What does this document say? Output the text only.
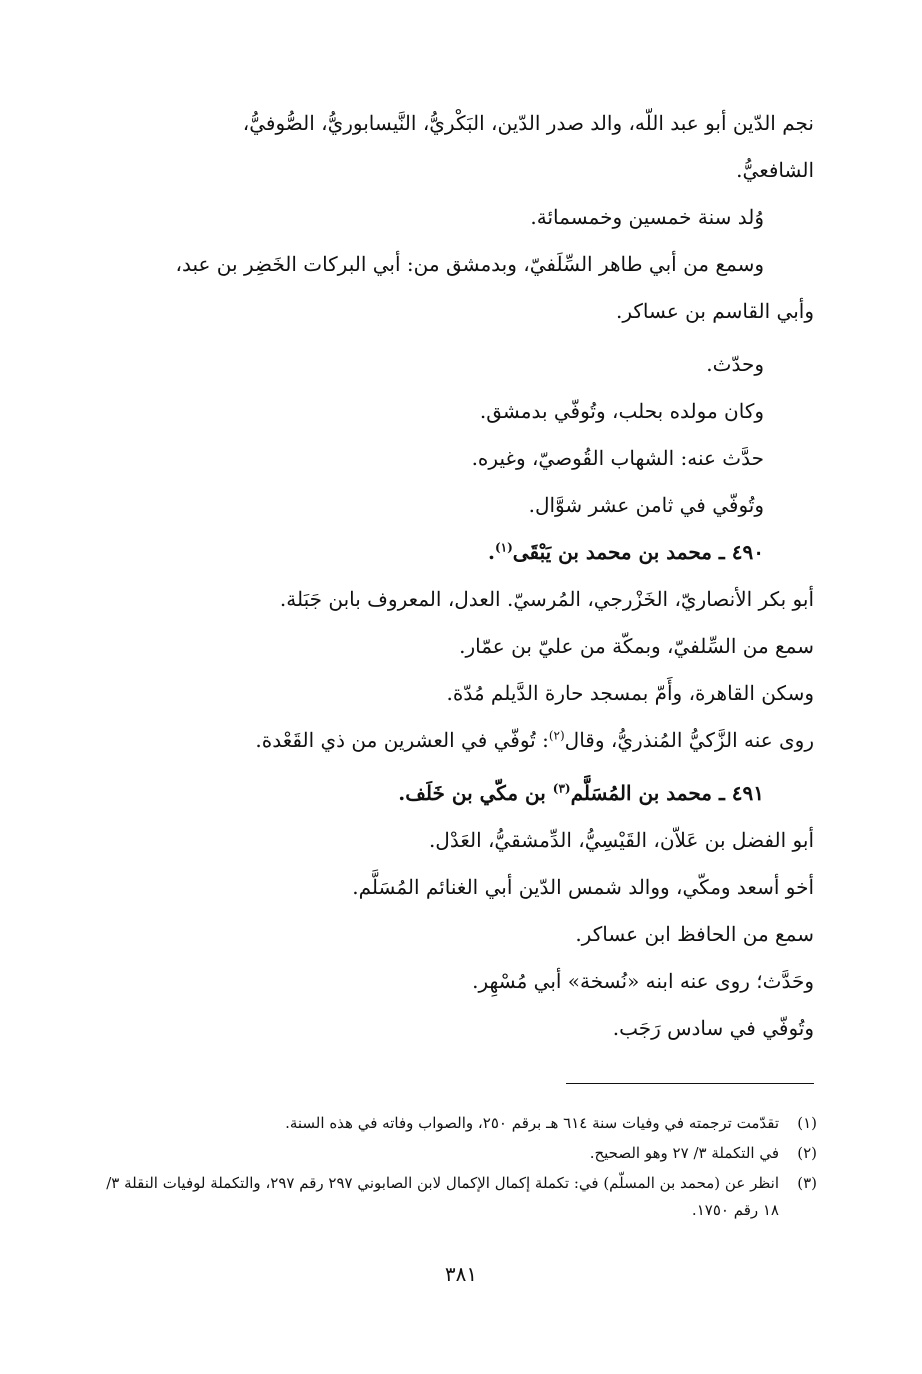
نجم الدّين أبو عبد اللّه، والد صدر الدّين، البَكْريُّ، النَّيسابوريُّ، الصُّوفيُّ،

الشافعيُّ.

وُلد سنة خمسين وخمسمائة.

وسمع من أبي طاهر السِّلَفيّ، وبدمشق من: أبي البركات الخَضِر بن عبد،

وأبي القاسم بن عساكر.

وحدّث.

وكان مولده بحلب، وتُوفّي بدمشق.

حدَّث عنه: الشهاب القُوصيّ، وغيره.

وتُوفّي في ثامن عشر شوَّال.

٤٩٠ ـ محمد بن محمد بن يَبْقَى$^{(١)}$.

أبو بكر الأنصاريّ، الخَزْرجي، المُرسيّ. العدل، المعروف بابن جَبَلة.

سمع من السِّلفيّ، وبمكّة من عليّ بن عمّار.

وسكن القاهرة، وأَمّ بمسجد حارة الدَّيلم مُدّة.

روى عنه الزَّكيُّ المُنذريُّ، وقال$^{(٢)}$: تُوفّي في العشرين من ذي القَعْدة.

٤٩١ ـ محمد بن المُسَلَّم$^{(٣)}$ بن مكّي بن خَلَف.

أبو الفضل بن عَلاّن، القَيْسِيُّ، الدِّمشقيُّ، العَدْل.

أخو أسعد ومكّي، ووالد شمس الدّين أبي الغنائم المُسَلَّم.

سمع من الحافظ ابن عساكر.

وحَدَّث؛ روى عنه ابنه «نُسخة» أبي مُسْهِر.

وتُوفّي في سادس رَجَب.

(١)
تقدّمت ترجمته في وفيات سنة ٦١٤ هـ برقم ٢٥٠، والصواب وفاته في هذه السنة.
(٢)
في التكملة ٣/ ٢٧ وهو الصحيح.
(٣)
انظر عن (محمد بن المسلّم) في: تكملة إكمال الإكمال لابن الصابوني ٢٩٧ رقم ٢٩٧، والتكملة لوفيات النقلة ٣/ ١٨ رقم ١٧٥٠.
٣٨١
